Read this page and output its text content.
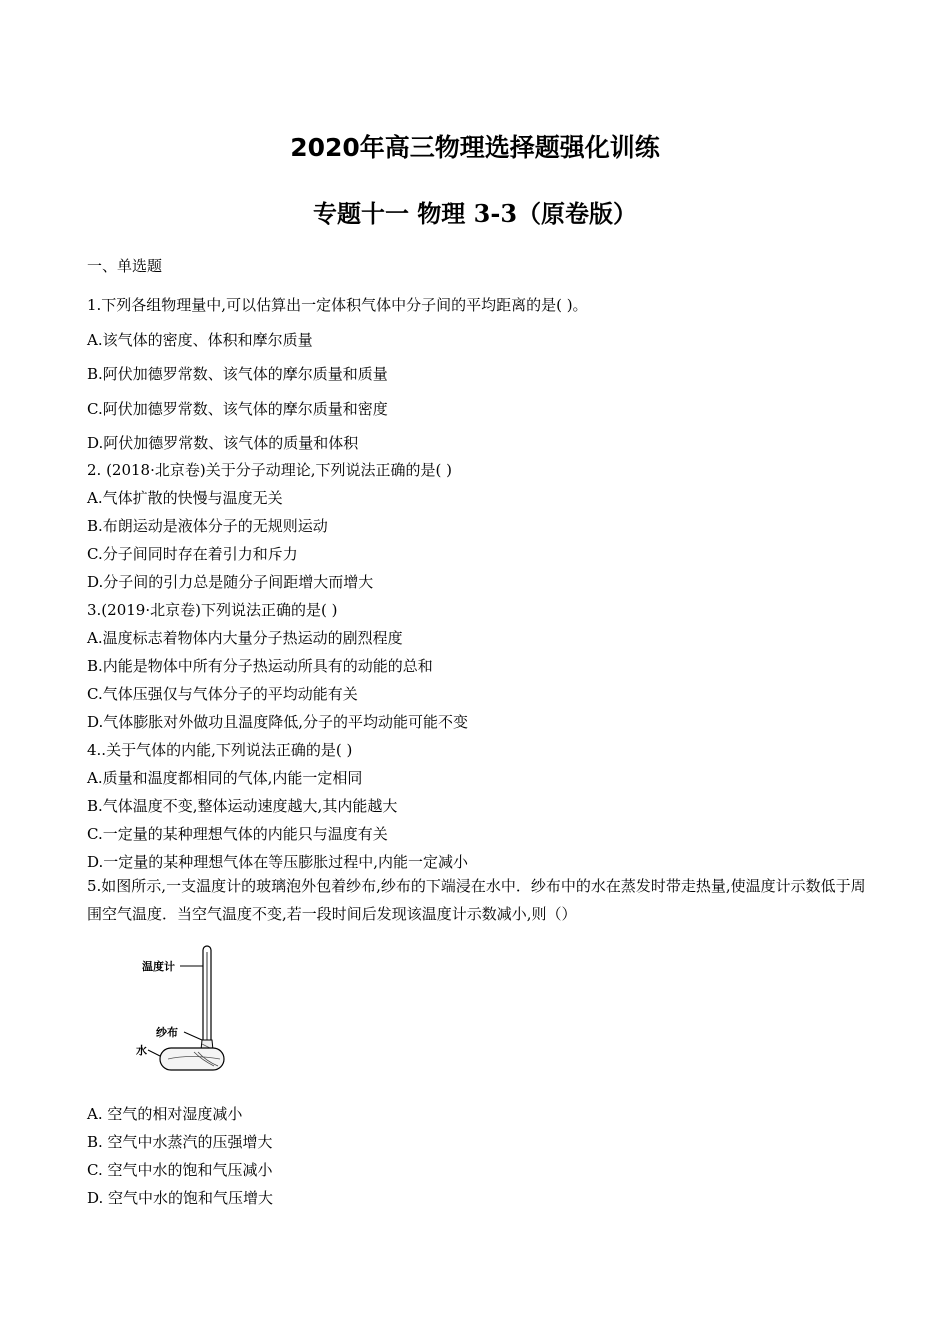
2020年高三物理选择题强化训练
专题十一 物理 3-3（原卷版）
一、单选题
1.下列各组物理量中,可以估算出一定体积气体中分子间的平均距离的是( )。
A.该气体的密度、体积和摩尔质量
B.阿伏加德罗常数、该气体的摩尔质量和质量
C.阿伏加德罗常数、该气体的摩尔质量和密度
D.阿伏加德罗常数、该气体的质量和体积
2. (2018·北京卷)关于分子动理论,下列说法正确的是( )
A.气体扩散的快慢与温度无关
B.布朗运动是液体分子的无规则运动
C.分子间同时存在着引力和斥力
D.分子间的引力总是随分子间距增大而增大
3.(2019·北京卷)下列说法正确的是( )
A.温度标志着物体内大量分子热运动的剧烈程度
B.内能是物体中所有分子热运动所具有的动能的总和
C.气体压强仅与气体分子的平均动能有关
D.气体膨胀对外做功且温度降低,分子的平均动能可能不变
4..关于气体的内能,下列说法正确的是( )
A.质量和温度都相同的气体,内能一定相同
B.气体温度不变,整体运动速度越大,其内能越大
C.一定量的某种理想气体的内能只与温度有关
D.一定量的某种理想气体在等压膨胀过程中,内能一定减小
5.如图所示,一支温度计的玻璃泡外包着纱布,纱布的下端浸在水中．纱布中的水在蒸发时带走热量,使温度计示数低于周围空气温度．当空气温度不变,若一段时间后发现该温度计示数减小,则（）
温度计
纱布
水
A. 空气的相对湿度减小
B. 空气中水蒸汽的压强增大
C. 空气中水的饱和气压减小
D. 空气中水的饱和气压增大
